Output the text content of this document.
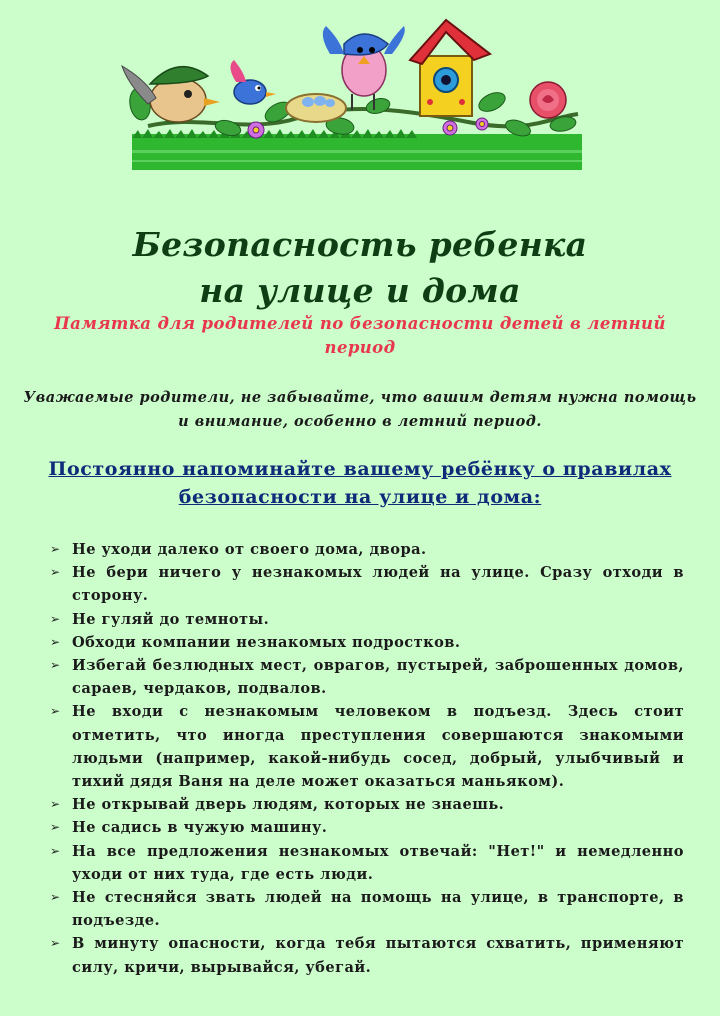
Безопасность ребенка
на улице и дома
Памятка для родителей по безопасности детей в летний период
Уважаемые родители, не забывайте, что вашим детям нужна помощь и внимание, особенно в летний период.
Постоянно напоминайте вашему ребёнку о правилах безопасности на улице и дома:
➢ Не уходи далеко от своего дома, двора.
➢ Не бери ничего у незнакомых людей на улице. Сразу отходи в сторону.
➢ Не гуляй до темноты.
➢ Обходи компании незнакомых подростков.
➢ Избегай безлюдных мест, оврагов, пустырей, заброшенных домов, сараев, чердаков, подвалов.
➢ Не входи с незнакомым человеком в подъезд. Здесь стоит отметить, что иногда преступления совершаются знакомыми людьми (например, какой-нибудь сосед, добрый, улыбчивый и тихий дядя Ваня на деле может оказаться маньяком).
➢ Не открывай дверь людям, которых не знаешь.
➢ Не садись в чужую машину.
➢ На все предложения незнакомых отвечай: "Нет!" и немедленно уходи от них туда, где есть люди.
➢ Не стесняйся звать людей на помощь на улице, в транспорте, в подъезде.
➢ В минуту опасности, когда тебя пытаются схватить, применяют силу, кричи, вырывайся, убегай.
